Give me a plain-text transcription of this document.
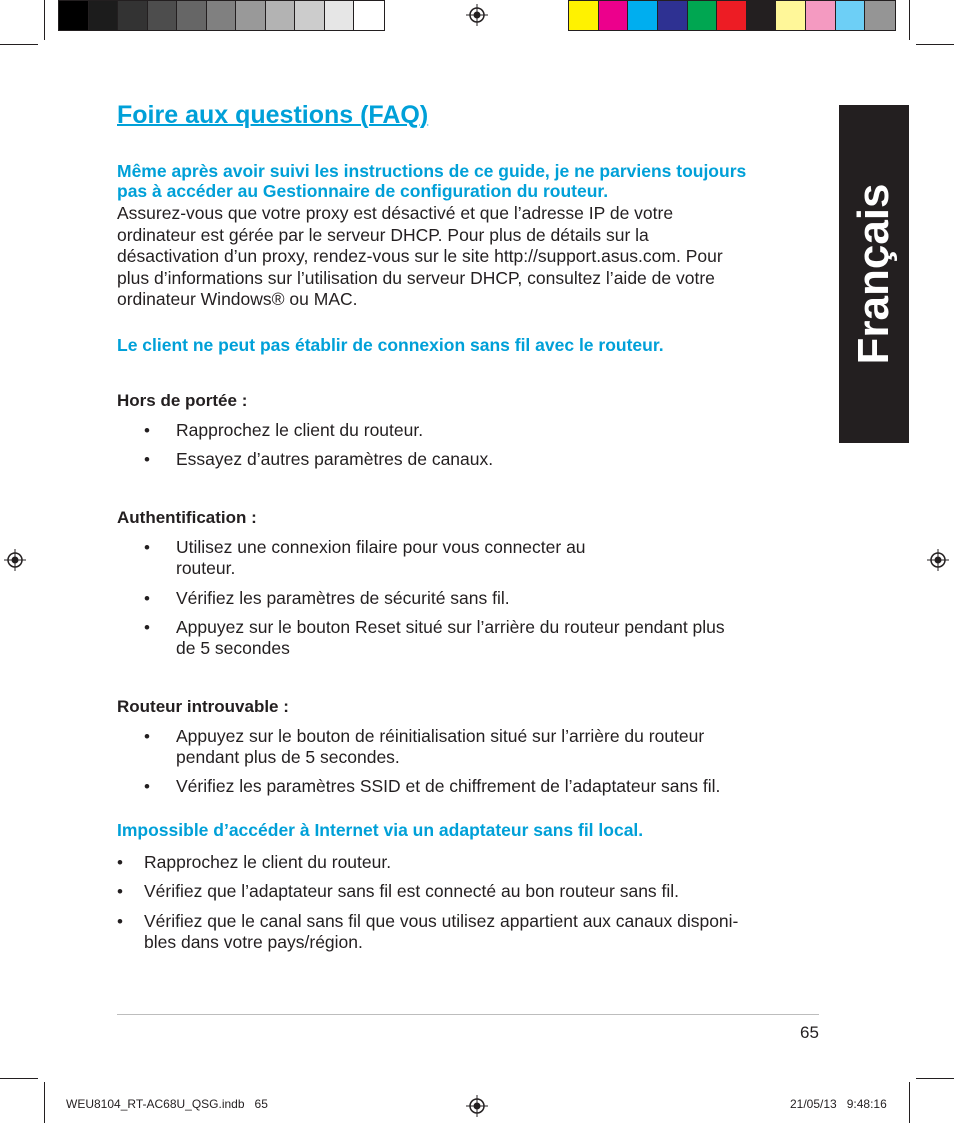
Français
Foire aux questions (FAQ)
Même après avoir suivi les instructions de ce guide, je ne parviens toujours
pas à accéder au Gestionnaire de configuration du routeur.
Assurez-vous que votre proxy est désactivé et que l’adresse IP de votre
ordinateur est gérée par le serveur DHCP. Pour plus de détails sur la
désactivation d’un proxy, rendez-vous sur le site http://support.asus.com. Pour
plus d’informations sur l’utilisation du serveur DHCP, consultez l’aide de votre
ordinateur Windows® ou MAC.
Le client ne peut pas établir de connexion sans fil avec le routeur.
Hors de portée :
• Rapprochez le client du routeur.
• Essayez d’autres paramètres de canaux.
Authentification :
• Utilisez une connexion filaire pour vous connecter au
routeur.
• Vérifiez les paramètres de sécurité sans fil.
• Appuyez sur le bouton Reset situé sur l’arrière du routeur pendant plus
de 5 secondes
Routeur introuvable :
• Appuyez sur le bouton de réinitialisation situé sur l’arrière du routeur
pendant plus de 5 secondes.
• Vérifiez les paramètres SSID et de chiffrement de l’adaptateur sans fil.
Impossible d’accéder à Internet via un adaptateur sans fil local.
• Rapprochez le client du routeur.
• Vérifiez que l’adaptateur sans fil est connecté au bon routeur sans fil.
• Vérifiez que le canal sans fil que vous utilisez appartient aux canaux disponi-
bles dans votre pays/région.
65
WEU8104_RT-AC68U_QSG.indb   65	21/05/13   9:48:16
